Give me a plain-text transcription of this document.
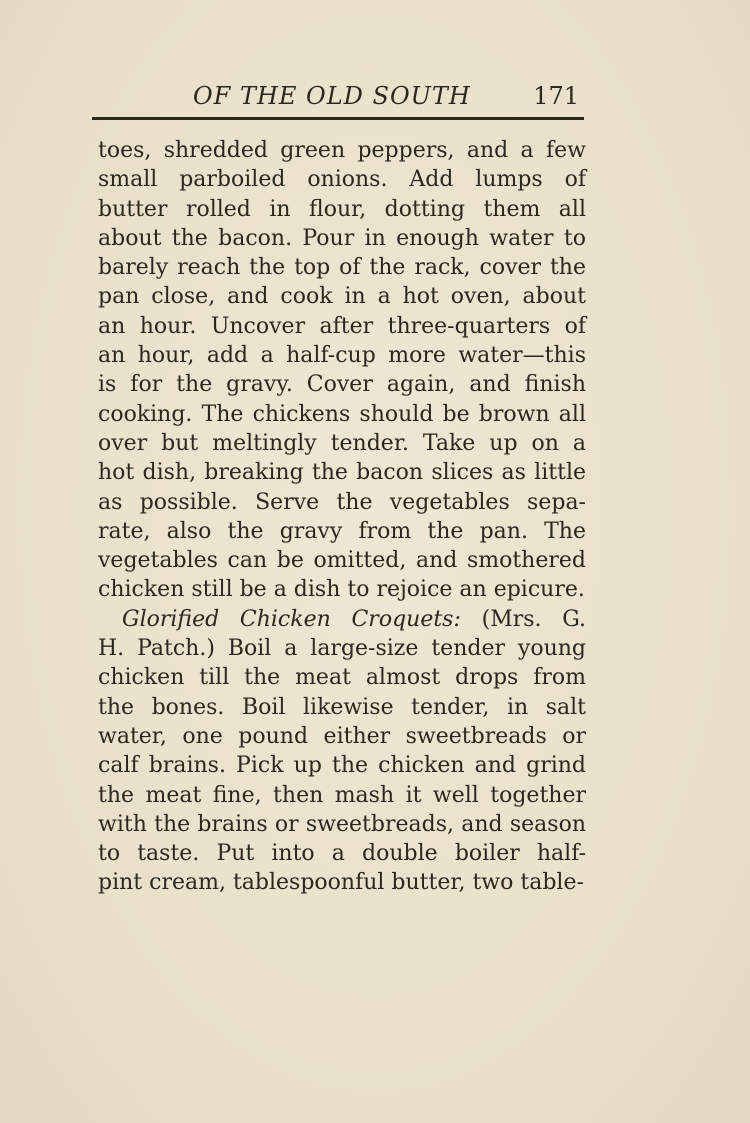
OF THE OLD SOUTH	171
toes, shredded green peppers, and a few
small parboiled onions. Add lumps of
butter rolled in flour, dotting them all
about the bacon. Pour in enough water to
barely reach the top of the rack, cover the
pan close, and cook in a hot oven, about
an hour. Uncover after three-quarters of
an hour, add a half-cup more water—this
is for the gravy. Cover again, and finish
cooking. The chickens should be brown all
over but meltingly tender. Take up on a
hot dish, breaking the bacon slices as little
as possible. Serve the vegetables sepa-
rate, also the gravy from the pan. The
vegetables can be omitted, and smothered
chicken still be a dish to rejoice an epicure.
Glorified Chicken Croquets: (Mrs. G.
H. Patch.) Boil a large-size tender young
chicken till the meat almost drops from
the bones. Boil likewise tender, in salt
water, one pound either sweetbreads or
calf brains. Pick up the chicken and grind
the meat fine, then mash it well together
with the brains or sweetbreads, and season
to taste. Put into a double boiler half-
pint cream, tablespoonful butter, two table-
